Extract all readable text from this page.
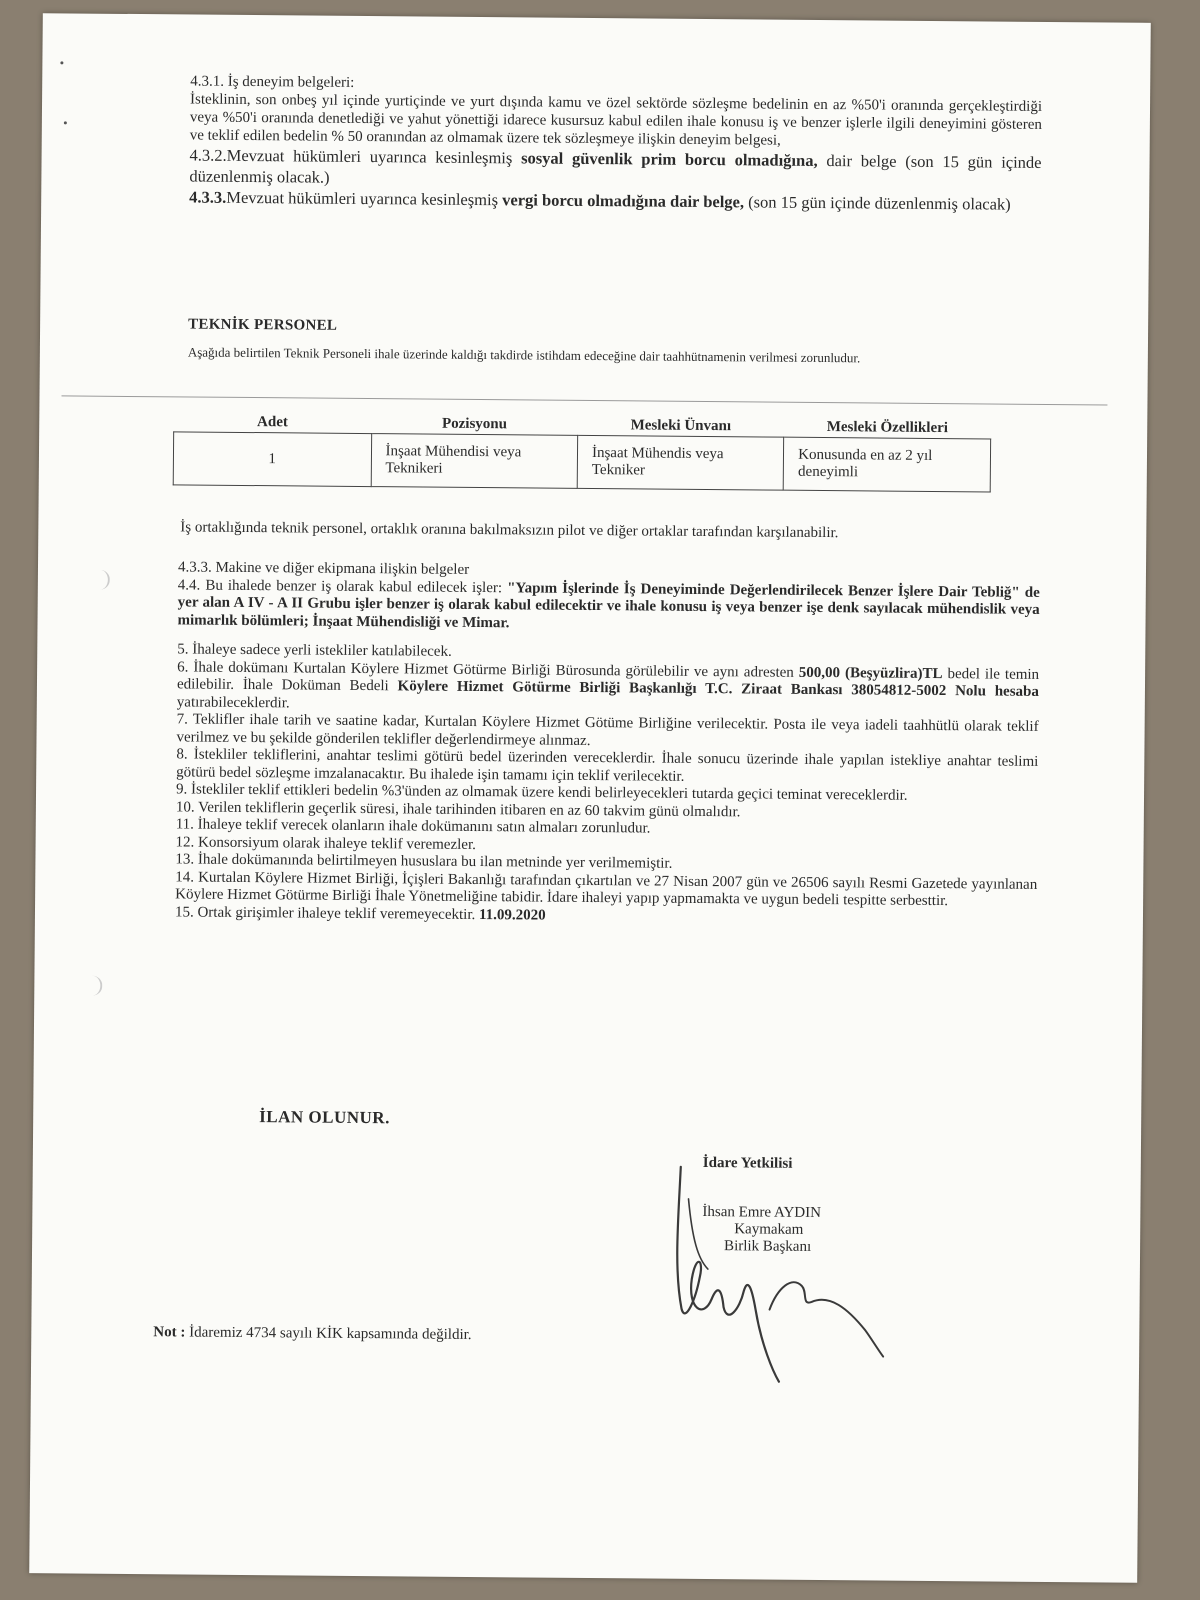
4.3.1. İş deneyim belgeleri:

İsteklinin, son onbeş yıl içinde yurtiçinde ve yurt dışında kamu ve özel sektörde sözleşme bedelinin en az %50'i oranında gerçekleştirdiği veya %50'i oranında denetlediği ve yahut yönettiği idarece kusursuz kabul edilen ihale konusu iş ve benzer işlerle ilgili deneyimini gösteren ve teklif edilen bedelin % 50 oranından az olmamak üzere tek sözleşmeye ilişkin deneyim belgesi,

4.3.2.Mevzuat hükümleri uyarınca kesinleşmiş sosyal güvenlik prim borcu olmadığına, dair belge (son 15 gün içinde düzenlenmiş olacak.)

4.3.3.Mevzuat hükümleri uyarınca kesinleşmiş vergi borcu olmadığına dair belge, (son 15 gün içinde düzenlenmiş olacak)

TEKNİK PERSONEL
Aşağıda belirtilen Teknik Personeli ihale üzerinde kaldığı takdirde istihdam edeceğine dair taahhütnamenin verilmesi zorunludur.
Adet	Pozisyonu	Mesleki Ünvanı	Mesleki Özellikleri
1	İnşaat Mühendisi veya Teknikeri	İnşaat Mühendis veya Tekniker	Konusunda en az 2 yıl deneyimli
İş ortaklığında teknik personel, ortaklık oranına bakılmaksızın pilot ve diğer ortaklar tarafından karşılanabilir.

4.3.3. Makine ve diğer ekipmana ilişkin belgeler

4.4. Bu ihalede benzer iş olarak kabul edilecek işler: "Yapım İşlerinde İş Deneyiminde Değerlendirilecek Benzer İşlere Dair Tebliğ" de yer alan A IV - A II Grubu işler benzer iş olarak kabul edilecektir ve ihale konusu iş veya benzer işe denk sayılacak mühendislik veya mimarlık bölümleri; İnşaat Mühendisliği ve Mimar.

5. İhaleye sadece yerli istekliler katılabilecek.

6. İhale dokümanı Kurtalan Köylere Hizmet Götürme Birliği Bürosunda görülebilir ve aynı adresten 500,00 (Beşyüzlira)TL bedel ile temin edilebilir. İhale Doküman Bedeli Köylere Hizmet Götürme Birliği Başkanlığı T.C. Ziraat Bankası 38054812-5002 Nolu hesaba yatırabileceklerdir.

7. Teklifler ihale tarih ve saatine kadar, Kurtalan Köylere Hizmet Götüme Birliğine verilecektir. Posta ile veya iadeli taahhütlü olarak teklif verilmez ve bu şekilde gönderilen teklifler değerlendirmeye alınmaz.

8. İstekliler tekliflerini, anahtar teslimi götürü bedel üzerinden vereceklerdir. İhale sonucu üzerinde ihale yapılan istekliye anahtar teslimi götürü bedel sözleşme imzalanacaktır. Bu ihalede işin tamamı için teklif verilecektir.

9. İstekliler teklif ettikleri bedelin %3'ünden az olmamak üzere kendi belirleyecekleri tutarda geçici teminat vereceklerdir.

10. Verilen tekliflerin geçerlik süresi, ihale tarihinden itibaren en az 60 takvim günü olmalıdır.

11. İhaleye teklif verecek olanların ihale dokümanını satın almaları zorunludur.

12. Konsorsiyum olarak ihaleye teklif veremezler.

13. İhale dokümanında belirtilmeyen hususlara bu ilan metninde yer verilmemiştir.

14. Kurtalan Köylere Hizmet Birliği, İçişleri Bakanlığı tarafından çıkartılan ve 27 Nisan 2007 gün ve 26506 sayılı Resmi Gazetede yayınlanan Köylere Hizmet Götürme Birliği İhale Yönetmeliğine tabidir. İdare ihaleyi yapıp yapmamakta ve uygun bedeli tespitte serbesttir.

15. Ortak girişimler ihaleye teklif veremeyecektir. 11.09.2020

İLAN OLUNUR.
İdare Yetkilisi
İhsan Emre AYDIN
Kaymakam
Birlik Başkanı
Not : İdaremiz 4734 sayılı KİK kapsamında değildir.
